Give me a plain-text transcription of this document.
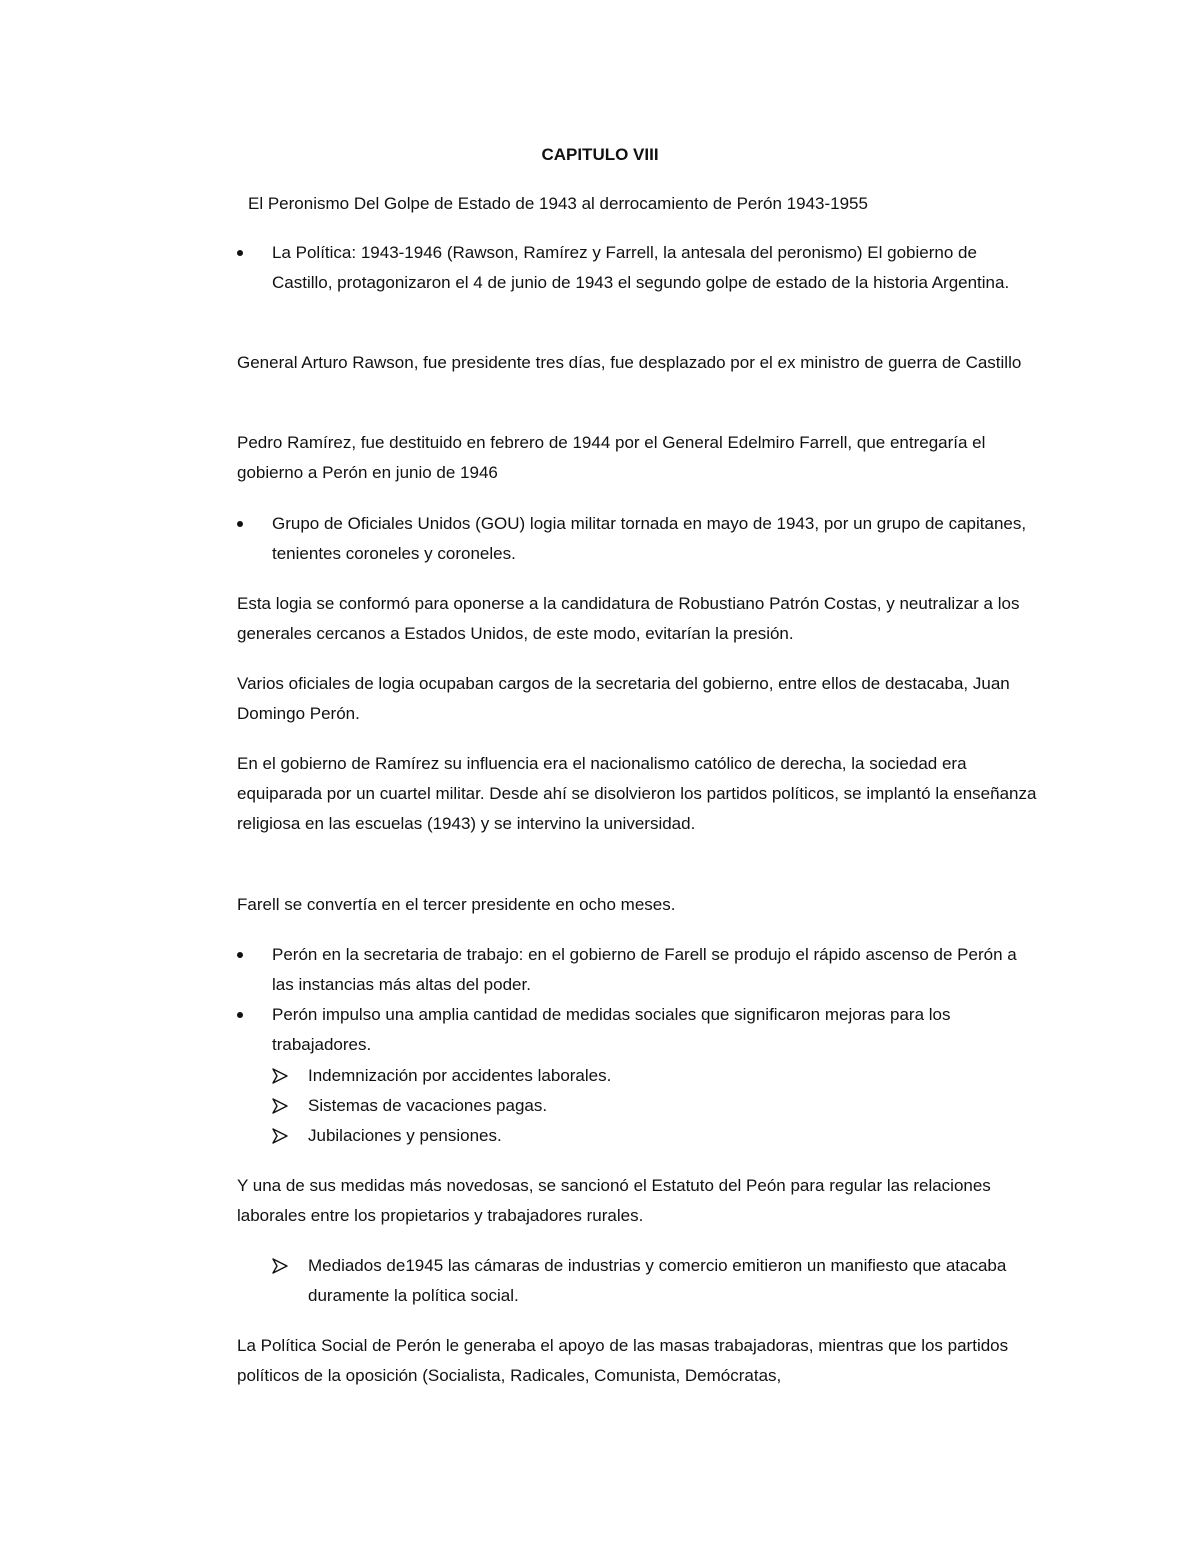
CAPITULO VIII
El Peronismo Del Golpe de Estado de 1943 al derrocamiento de Perón 1943-1955
La Política: 1943-1946 (Rawson, Ramírez y Farrell, la antesala del peronismo) El gobierno de Castillo, protagonizaron el 4 de junio de 1943 el segundo golpe de estado de la historia Argentina.

General Arturo Rawson, fue presidente tres días, fue desplazado por el ex ministro de guerra de Castillo

Pedro Ramírez, fue destituido en febrero de 1944 por el General Edelmiro Farrell, que entregaría el gobierno a Perón en junio de 1946

Grupo de Oficiales Unidos (GOU) logia militar tornada en mayo de 1943, por un grupo de capitanes, tenientes coroneles y coroneles.

Esta logia se conformó para oponerse a la candidatura de Robustiano Patrón Costas, y neutralizar a los generales cercanos a Estados Unidos, de este modo, evitarían la presión.

Varios oficiales de logia ocupaban cargos de la secretaria del gobierno, entre ellos de destacaba, Juan Domingo Perón.

En el gobierno de Ramírez su influencia era el nacionalismo católico de derecha, la sociedad era equiparada por un cuartel militar. Desde ahí se disolvieron los partidos políticos, se implantó la enseñanza religiosa en las escuelas (1943) y se intervino la universidad.

Farell se convertía en el tercer presidente en ocho meses.

Perón en la secretaria de trabajo: en el gobierno de Farell se produjo el rápido ascenso de Perón a las instancias más altas del poder.
Perón impulso una amplia cantidad de medidas sociales que significaron mejoras para los trabajadores.
Indemnización por accidentes laborales.
Sistemas de vacaciones pagas.
Jubilaciones y pensiones.

Y una de sus medidas más novedosas, se sancionó el Estatuto del Peón para regular las relaciones laborales entre los propietarios y trabajadores rurales.

Mediados de1945 las cámaras de industrias y comercio emitieron un manifiesto que atacaba duramente la política social.

La Política Social de Perón le generaba el apoyo de las masas trabajadoras, mientras que los partidos políticos de la oposición (Socialista, Radicales, Comunista, Demócratas,
